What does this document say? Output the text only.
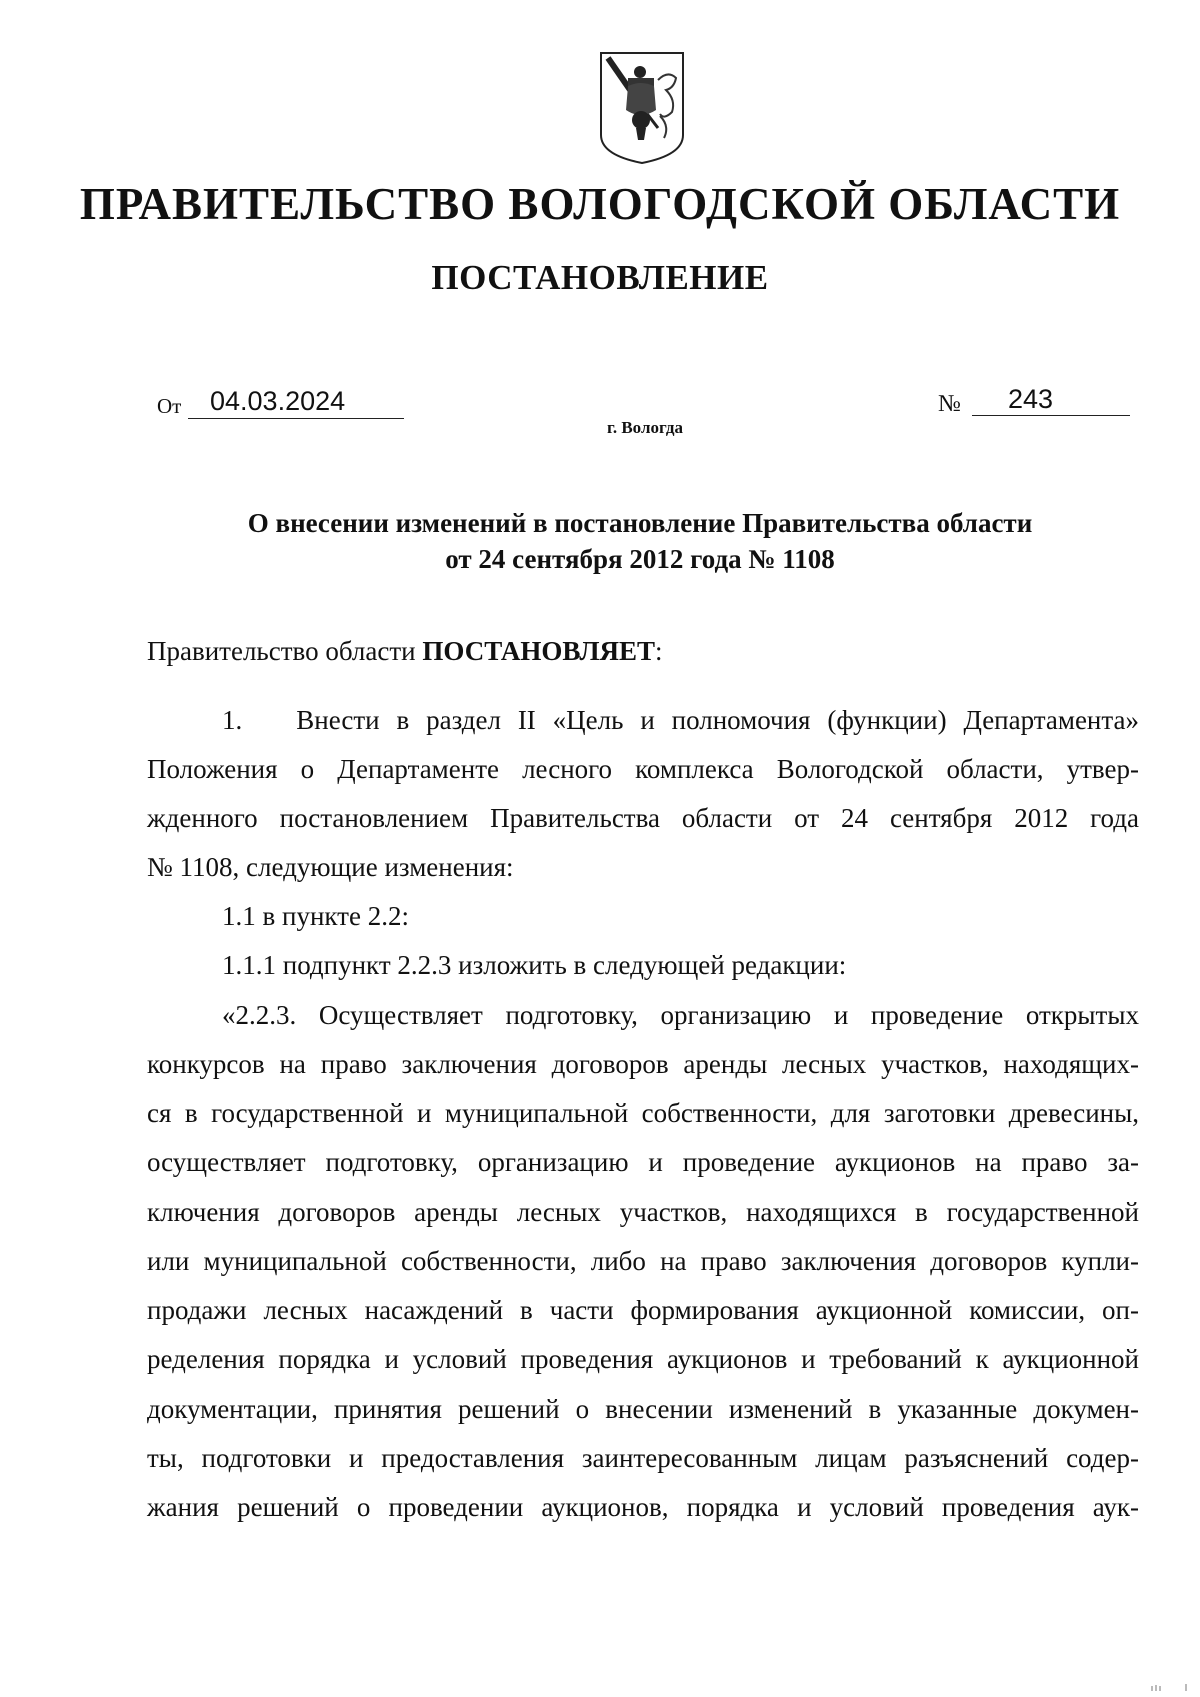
ПРАВИТЕЛЬСТВО ВОЛОГОДСКОЙ ОБЛАСТИ
ПОСТАНОВЛЕНИЕ
От	04.03.2024	№	243
г. Вологда
О внесении изменений в постановление Правительства области
от 24 сентября 2012 года № 1108
Правительство области ПОСТАНОВЛЯЕТ:
1.  Внести в раздел II «Цель и полномочия (функции) Департамента»
Положения о Департаменте лесного комплекса Вологодской области, утвер-
жденного постановлением Правительства области от 24 сентября 2012 года
№ 1108, следующие изменения:
1.1 в пункте 2.2:
1.1.1 подпункт 2.2.3 изложить в следующей редакции:
«2.2.3. Осуществляет подготовку, организацию и проведение открытых
конкурсов на право заключения договоров аренды лесных участков, находящих-
ся в государственной и муниципальной собственности, для заготовки древесины,
осуществляет подготовку, организацию и проведение аукционов на право за-
ключения договоров аренды лесных участков, находящихся в государственной
или муниципальной собственности, либо на право заключения договоров купли-
продажи лесных насаждений в части формирования аукционной комиссии, оп-
ределения порядка и условий проведения аукционов и требований к аукционной
документации, принятия решений о внесении изменений в указанные докумен-
ты, подготовки и предоставления заинтересованным лицам разъяснений содер-
жания решений о проведении аукционов, порядка и условий проведения аук-
